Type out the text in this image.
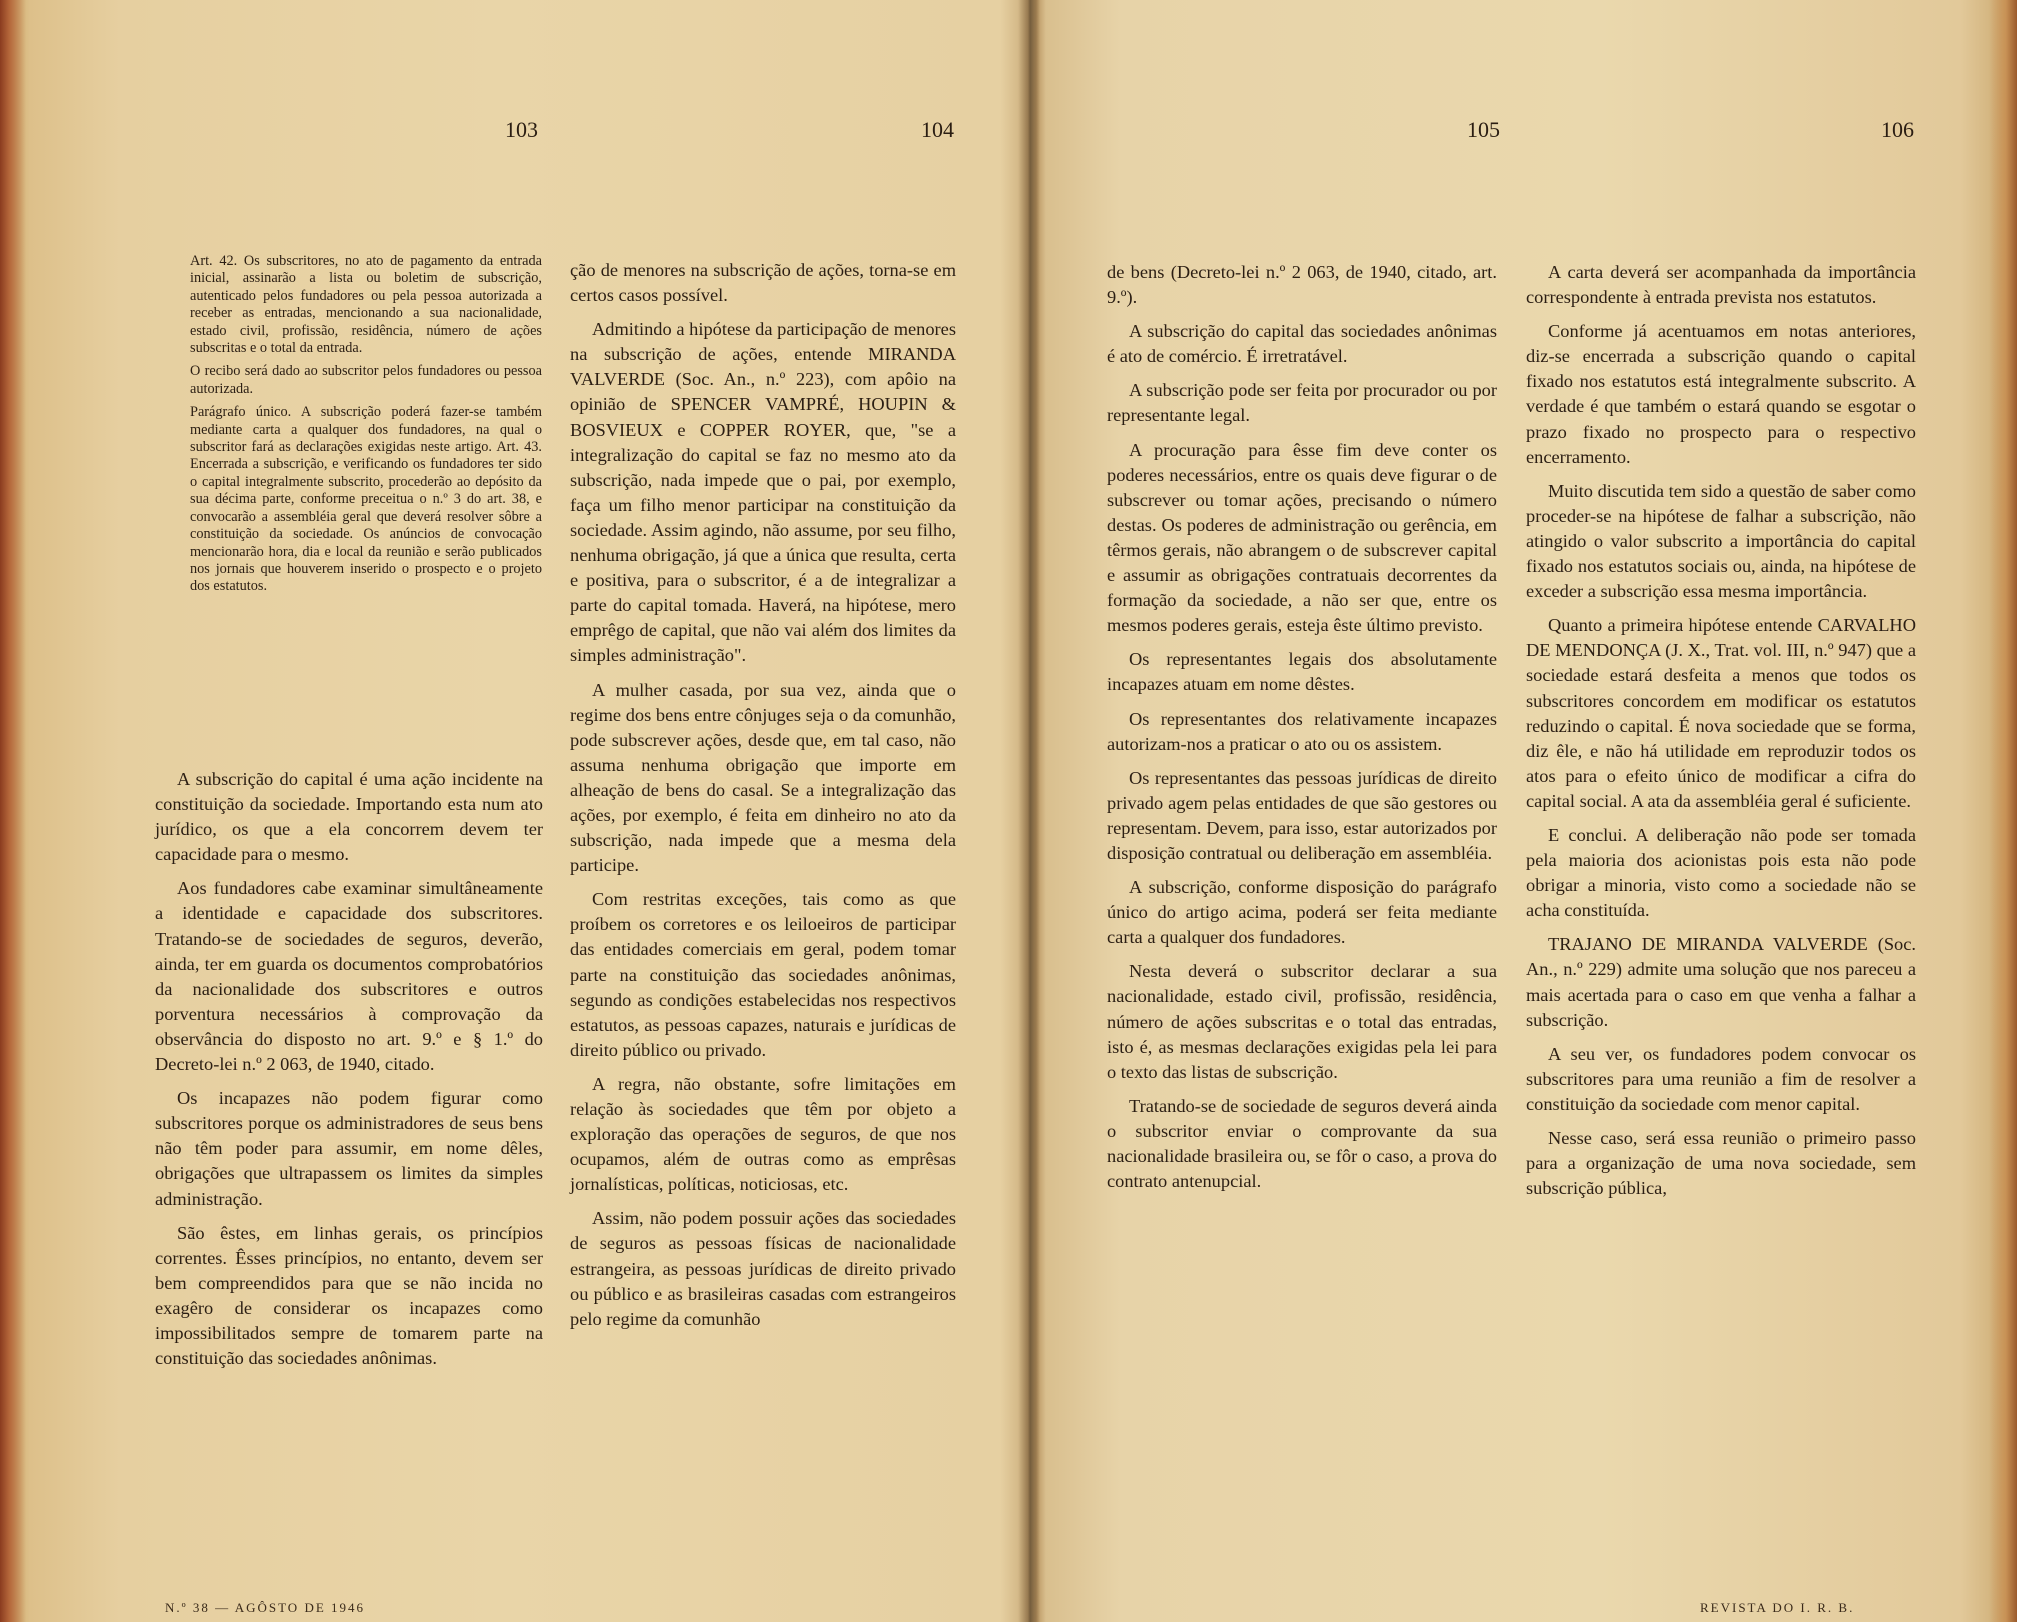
103	104	105	106

Art. 42. Os subscritores, no ato de pagamento da entrada inicial, assinarão a lista ou boletim de subscrição, autenticado pelos fundadores ou pela pessoa autorizada a receber as entradas, mencionando a sua nacionalidade, estado civil, profissão, residência, número de ações subscritas e o total da entrada.

O recibo será dado ao subscritor pelos fundadores ou pessoa autorizada.

Parágrafo único. A subscrição poderá fazer-se também mediante carta a qualquer dos fundadores, na qual o subscritor fará as declarações exigidas neste artigo. Art. 43. Encerrada a subscrição, e verificando os fundadores ter sido o capital integralmente subscrito, procederão ao depósito da sua décima parte, conforme preceitua o n.º 3 do art. 38, e convocarão a assembléia geral que deverá resolver sôbre a constituição da sociedade. Os anúncios de convocação mencionarão hora, dia e local da reunião e serão publicados nos jornais que houverem inserido o prospecto e o projeto dos estatutos.

A subscrição do capital é uma ação incidente na constituição da sociedade. Importando esta num ato jurídico, os que a ela concorrem devem ter capacidade para o mesmo.

Aos fundadores cabe examinar simultâneamente a identidade e capacidade dos subscritores. Tratando-se de sociedades de seguros, deverão, ainda, ter em guarda os documentos comprobatórios da nacionalidade dos subscritores e outros porventura necessários à comprovação da observância do disposto no art. 9.º e § 1.º do Decreto-lei n.º 2 063, de 1940, citado.

Os incapazes não podem figurar como subscritores porque os administradores de seus bens não têm poder para assumir, em nome dêles, obrigações que ultrapassem os limites da simples administração.

São êstes, em linhas gerais, os princípios correntes. Êsses princípios, no entanto, devem ser bem compreendidos para que se não incida no exagêro de considerar os incapazes como impossibilitados sempre de tomarem parte na constituição das sociedades anônimas.

N.º 38 — AGÔSTO DE 1946

ção de menores na subscrição de ações, torna-se em certos casos possível.

Admitindo a hipótese da participação de menores na subscrição de ações, entende MIRANDA VALVERDE (Soc. An., n.º 223), com apôio na opinião de SPENCER VAMPRÉ, HOUPIN & BOSVIEUX e COPPER ROYER, que, "se a integralização do capital se faz no mesmo ato da subscrição, nada impede que o pai, por exemplo, faça um filho menor participar na constituição da sociedade. Assim agindo, não assume, por seu filho, nenhuma obrigação, já que a única que resulta, certa e positiva, para o subscritor, é a de integralizar a parte do capital tomada. Haverá, na hipótese, mero emprêgo de capital, que não vai além dos limites da simples administração".

A mulher casada, por sua vez, ainda que o regime dos bens entre cônjuges seja o da comunhão, pode subscrever ações, desde que, em tal caso, não assuma nenhuma obrigação que importe em alheação de bens do casal. Se a integralização das ações, por exemplo, é feita em dinheiro no ato da subscrição, nada impede que a mesma dela participe.

Com restritas exceções, tais como as que proíbem os corretores e os leiloeiros de participar das entidades comerciais em geral, podem tomar parte na constituição das sociedades anônimas, segundo as condições estabelecidas nos respectivos estatutos, as pessoas capazes, naturais e jurídicas de direito público ou privado.

A regra, não obstante, sofre limitações em relação às sociedades que têm por objeto a exploração das operações de seguros, de que nos ocupamos, além de outras como as emprêsas jornalísticas, políticas, noticiosas, etc.

Assim, não podem possuir ações das sociedades de seguros as pessoas físicas de nacionalidade estrangeira, as pessoas jurídicas de direito privado ou público e as brasileiras casadas com estrangeiros pelo regime da comunhão

de bens (Decreto-lei n.º 2 063, de 1940, citado, art. 9.º).

A subscrição do capital das sociedades anônimas é ato de comércio. É irretratável.

A subscrição pode ser feita por procurador ou por representante legal.

A procuração para êsse fim deve conter os poderes necessários, entre os quais deve figurar o de subscrever ou tomar ações, precisando o número destas. Os poderes de administração ou gerência, em têrmos gerais, não abrangem o de subscrever capital e assumir as obrigações contratuais decorrentes da formação da sociedade, a não ser que, entre os mesmos poderes gerais, esteja êste último previsto.

Os representantes legais dos absolutamente incapazes atuam em nome dêstes.

Os representantes dos relativamente incapazes autorizam-nos a praticar o ato ou os assistem.

Os representantes das pessoas jurídicas de direito privado agem pelas entidades de que são gestores ou representam. Devem, para isso, estar autorizados por disposição contratual ou deliberação em assembléia.

A subscrição, conforme disposição do parágrafo único do artigo acima, poderá ser feita mediante carta a qualquer dos fundadores.

Nesta deverá o subscritor declarar a sua nacionalidade, estado civil, profissão, residência, número de ações subscritas e o total das entradas, isto é, as mesmas declarações exigidas pela lei para o texto das listas de subscrição.

Tratando-se de sociedade de seguros deverá ainda o subscritor enviar o comprovante da sua nacionalidade brasileira ou, se fôr o caso, a prova do contrato antenupcial.

A carta deverá ser acompanhada da importância correspondente à entrada prevista nos estatutos.

Conforme já acentuamos em notas anteriores, diz-se encerrada a subscrição quando o capital fixado nos estatutos está integralmente subscrito. A verdade é que também o estará quando se esgotar o prazo fixado no prospecto para o respectivo encerramento.

Muito discutida tem sido a questão de saber como proceder-se na hipótese de falhar a subscrição, não atingido o valor subscrito a importância do capital fixado nos estatutos sociais ou, ainda, na hipótese de exceder a subscrição essa mesma importância.

Quanto a primeira hipótese entende CARVALHO DE MENDONÇA (J. X., Trat. vol. III, n.º 947) que a sociedade estará desfeita a menos que todos os subscritores concordem em modificar os estatutos reduzindo o capital. É nova sociedade que se forma, diz êle, e não há utilidade em reproduzir todos os atos para o efeito único de modificar a cifra do capital social. A ata da assembléia geral é suficiente.

E conclui. A deliberação não pode ser tomada pela maioria dos acionistas pois esta não pode obrigar a minoria, visto como a sociedade não se acha constituída.

TRAJANO DE MIRANDA VALVERDE (Soc. An., n.º 229) admite uma solução que nos pareceu a mais acertada para o caso em que venha a falhar a subscrição.

A seu ver, os fundadores podem convocar os subscritores para uma reunião a fim de resolver a constituição da sociedade com menor capital.

Nesse caso, será essa reunião o primeiro passo para a organização de uma nova sociedade, sem subscrição pública,

REVISTA DO I. R. B.
